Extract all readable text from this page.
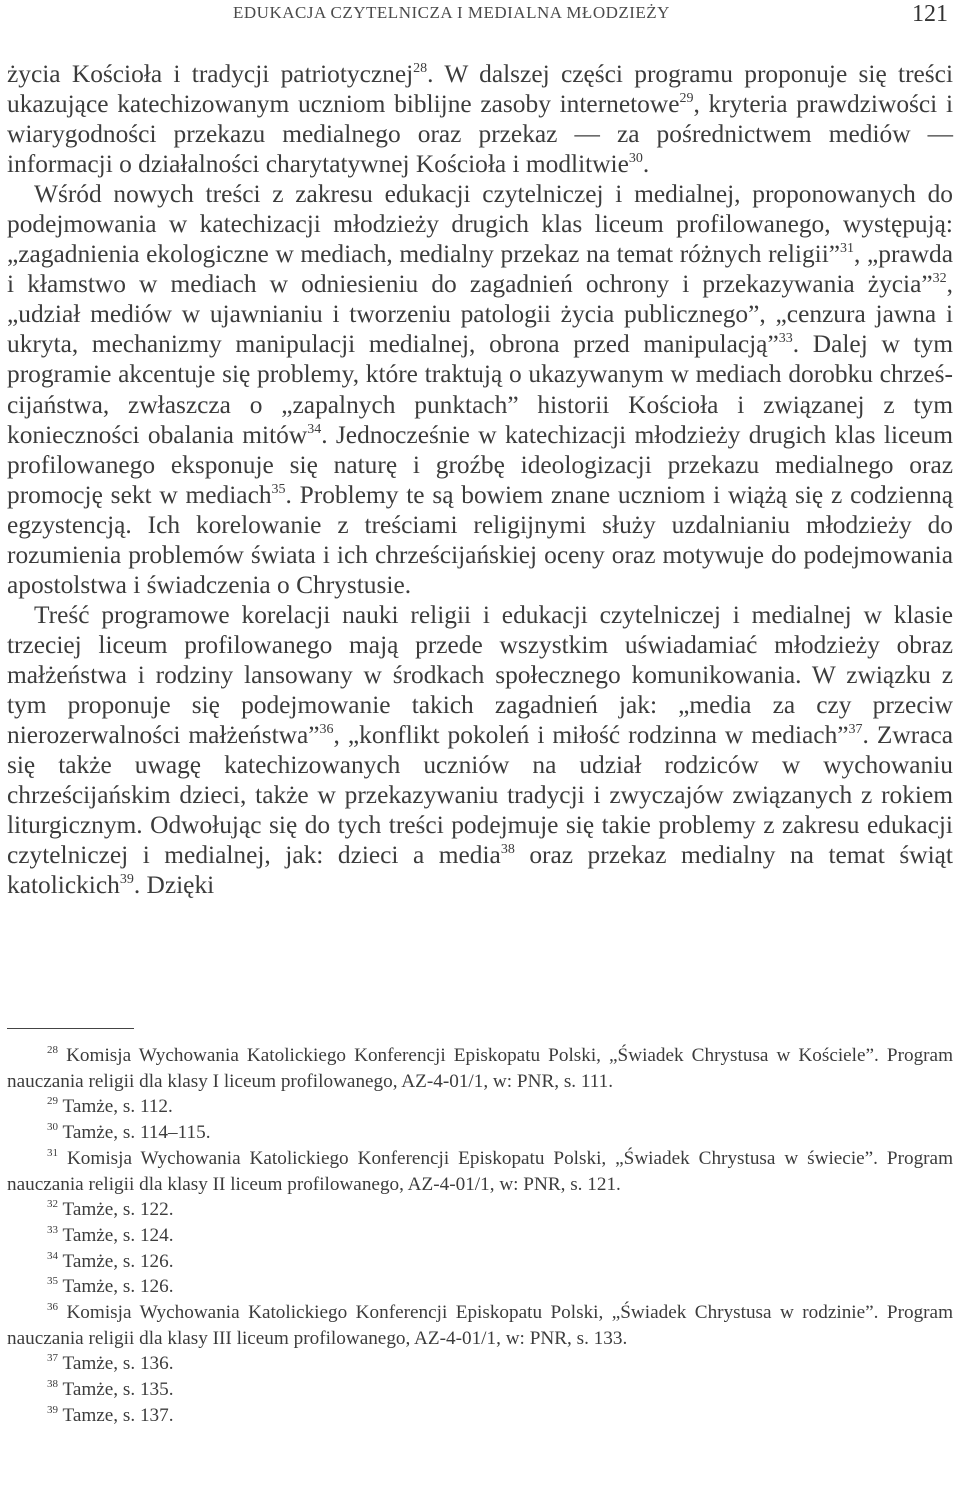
EDUKACJA CZYTELNICZA I MEDIALNA MŁODZIEŻY	121

życia Kościoła i tradycji patriotycznej$^{28}$. W dalszej części programu proponuje się treści ukazujące katechizowanym uczniom biblijne zasoby internetowe$^{29}$, kryteria prawdziwości i wiarygodności przekazu medialnego oraz przekaz — za pośrednictwem mediów — informacji o działalności charytatywnej Kościoła i modlitwie$^{30}$.

Wśród nowych treści z zakresu edukacji czytelniczej i medialnej, proponowanych do podejmowania w katechizacji młodzieży drugich klas liceum profilowanego, występują: „zagadnienia ekologiczne w mediach, medialny przekaz na temat różnych religii”$^{31}$, „prawda i kłamstwo w mediach w odniesieniu do zagadnień ochrony i przekazywania życia”$^{32}$, „udział mediów w ujawnianiu i tworzeniu patologii życia publicznego”, „cenzura jawna i ukryta, mechanizmy manipulacji medialnej, obrona przed manipulacją”$^{33}$. Dalej w tym programie akcentuje się problemy, które traktują o ukazywanym w mediach dorobku chrześcijaństwa, zwłaszcza o „zapalnych punktach” historii Kościoła i związanej z tym konieczności obalania mitów$^{34}$. Jednocześnie w katechizacji młodzieży drugich klas liceum profilowanego eksponuje się naturę i groźbę ideologizacji przekazu medialnego oraz promocję sekt w mediach$^{35}$. Problemy te są bowiem znane uczniom i wiążą się z codzienną egzystencją. Ich korelowanie z treściami religijnymi służy uzdalnianiu młodzieży do rozumienia problemów świata i ich chrześcijańskiej oceny oraz motywuje do podejmowania apostolstwa i świadczenia o Chrystusie.

Treść programowe korelacji nauki religii i edukacji czytelniczej i medialnej w klasie trzeciej liceum profilowanego mają przede wszystkim uświadamiać młodzieży obraz małżeństwa i rodziny lansowany w środkach społecznego komunikowania. W związku z tym proponuje się podejmowanie takich zagadnień jak: „media za czy przeciw nierozerwalności małżeństwa”$^{36}$, „konflikt pokoleń i miłość rodzinna w mediach”$^{37}$. Zwraca się także uwagę katechizowanych uczniów na udział rodziców w wychowaniu chrześcijańskim dzieci, także w przekazywaniu tradycji i zwyczajów związanych z rokiem liturgicznym. Odwołując się do tych treści podejmuje się takie problemy z zakresu edukacji czytelniczej i medialnej, jak: dzieci a media$^{38}$ oraz przekaz medialny na temat świąt katolickich$^{39}$. Dzięki

$^{28}$ Komisja Wychowania Katolickiego Konferencji Episkopatu Polski, „Świadek Chrystusa w Kościele”. Program nauczania religii dla klasy I liceum profilowanego, AZ-4-01/1, w: PNR, s. 111.

$^{29}$ Tamże, s. 112.

$^{30}$ Tamże, s. 114–115.

$^{31}$ Komisja Wychowania Katolickiego Konferencji Episkopatu Polski, „Świadek Chrystusa w świecie”. Program nauczania religii dla klasy II liceum profilowanego, AZ-4-01/1, w: PNR, s. 121.

$^{32}$ Tamże, s. 122.

$^{33}$ Tamże, s. 124.

$^{34}$ Tamże, s. 126.

$^{35}$ Tamże, s. 126.

$^{36}$ Komisja Wychowania Katolickiego Konferencji Episkopatu Polski, „Świadek Chrystusa w rodzinie”. Program nauczania religii dla klasy III liceum profilowanego, AZ-4-01/1, w: PNR, s. 133.

$^{37}$ Tamże, s. 136.

$^{38}$ Tamże, s. 135.

$^{39}$ Tamze, s. 137.
